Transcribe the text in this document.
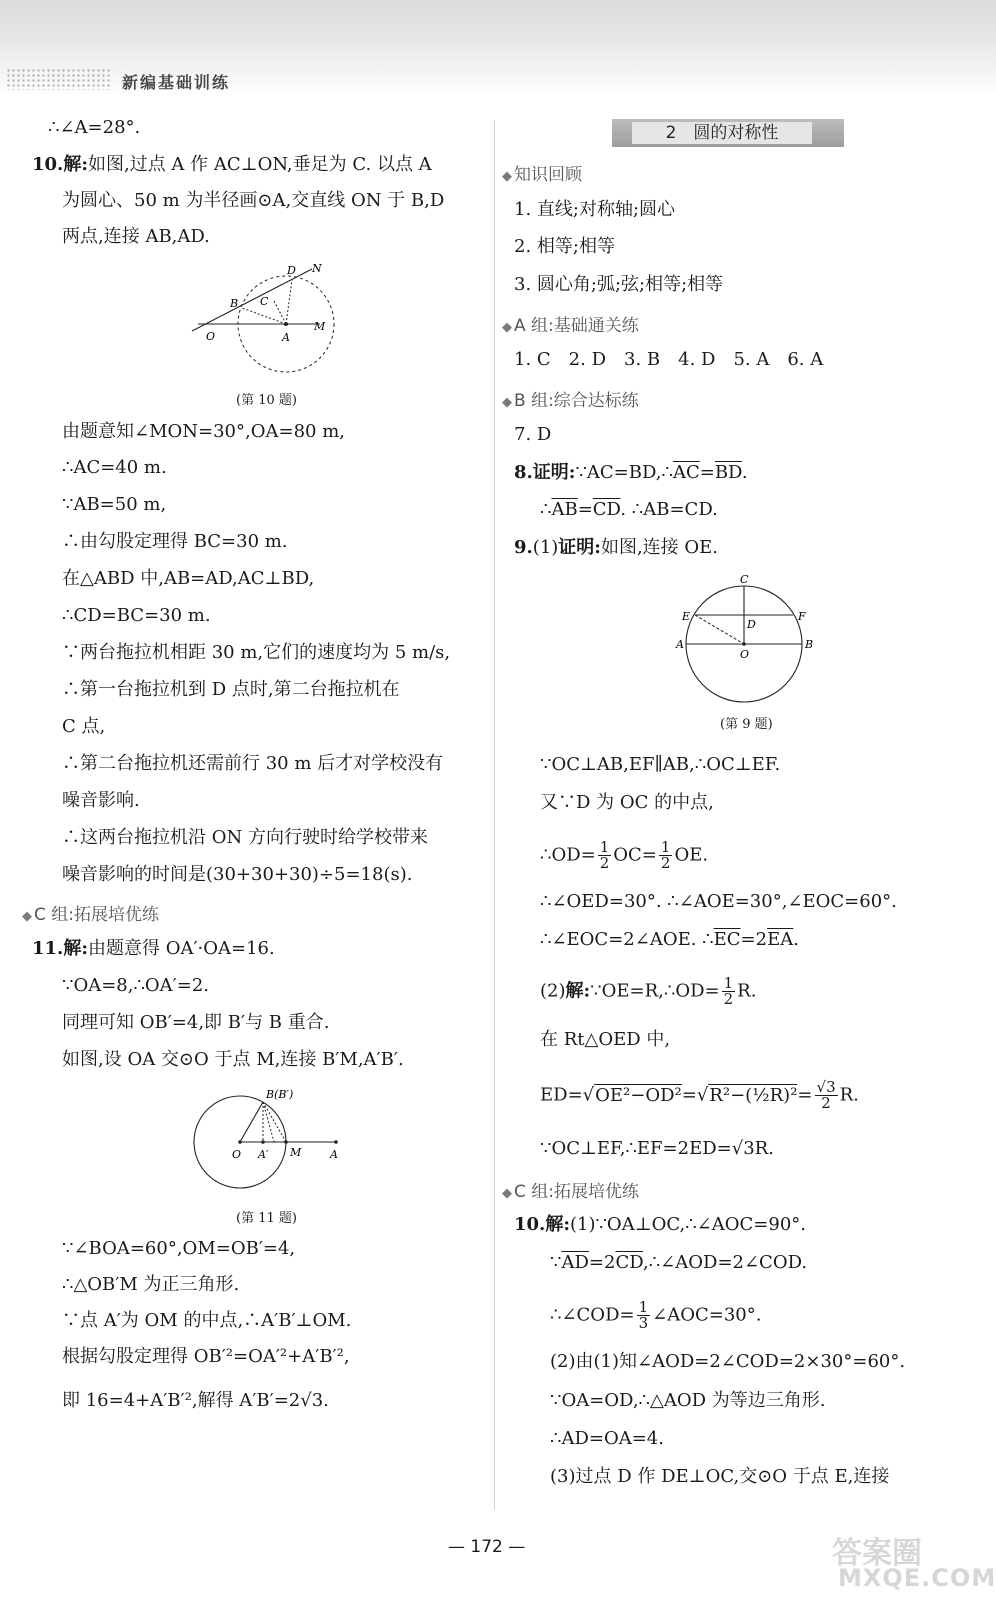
新编基础训练
∴∠A=28°.
10.解:如图,过点 A 作 AC⊥ON,垂足为 C. 以点 A
为圆心、50 m 为半径画⊙A,交直线 ON 于 B,D
两点,连接 AB,AD.
D N
B C
M
O	A
(第 10 题)
由题意知∠MON=30°,OA=80 m,
∴AC=40 m.
∵AB=50 m,
∴由勾股定理得 BC=30 m.
在△ABD 中,AB=AD,AC⊥BD,
∴CD=BC=30 m.
∵两台拖拉机相距 30 m,它们的速度均为 5 m/s,
∴第一台拖拉机到 D 点时,第二台拖拉机在
C 点,
∴第二台拖拉机还需前行 30 m 后才对学校没有
噪音影响.
∴这两台拖拉机沿 ON 方向行驶时给学校带来
噪音影响的时间是(30+30+30)÷5=18(s).
◆ C 组:拓展培优练
11.解:由题意得 OA′·OA=16.
∵OA=8,∴OA′=2.
同理可知 OB′=4,即 B′与 B 重合.
如图,设 OA 交⊙O 于点 M,连接 B′M,A′B′.
B(B′)
O A′ M	A
(第 11 题)
∵∠BOA=60°,OM=OB′=4,
∴△OB′M 为正三角形.
∵点 A′为 OM 的中点,∴A′B′⊥OM.
根据勾股定理得 OB′²=OA′²+A′B′²,
即 16=4+A′B′²,解得 A′B′=2√3.
2　圆的对称性
◆ 知识回顾
1. 直线;对称轴;圆心
2. 相等;相等
3. 圆心角;弧;弦;相等;相等
◆ A 组:基础通关练
1. C　2. D　3. B　4. D　5. A　6. A
◆ B 组:综合达标练
7. D
8.证明$:\because AC=BD,\therefore\overline{AC}=\overline{BD}$.
$\therefore\overline{AB}=\overline{CD}$. ∴AB=CD.
9.(1)证明:如图,连接 OE.
C
E	F
D
A
O
B
(第 9 题)
∵OC⊥AB,EF∥AB,∴OC⊥EF.
又∵D 为 OC 的中点,
∴OD= $\frac{1}{2} OC= \frac{1}{2}$ OE.
∴∠OED=30°. ∴∠AOE=30°,∠EOC=60°.
∴∠EOC=2∠AOE. $\therefore\overline{EC}=2\overline{EA}$.
(2)解:∵OE=R,∴OD= $\frac{1}{2} R$.
在 Rt△OED 中,
ED=√OE²−OD²=√R²−(½R)²= $\frac{√3}{2} R$.
∵OC⊥EF,∴EF=2ED=√3R.
◆ C 组:拓展培优练
10.解:(1)∵OA⊥OC,∴∠AOC=90°.
$\because\overline{AD}=2\overline{CD},\therefore\angle AOD=2\angle COD$.
∴∠COD= $\frac{1}{3}$ ∠AOC=30°.
(2)由(1)知∠AOD=2∠COD=2×30°=60°.
∵OA=OD,∴△AOD 为等边三角形.
∴AD=OA=4.
(3)过点 D 作 DE⊥OC,交⊙O 于点 E,连接
— 172 —	答案圈
MXQE.COM
